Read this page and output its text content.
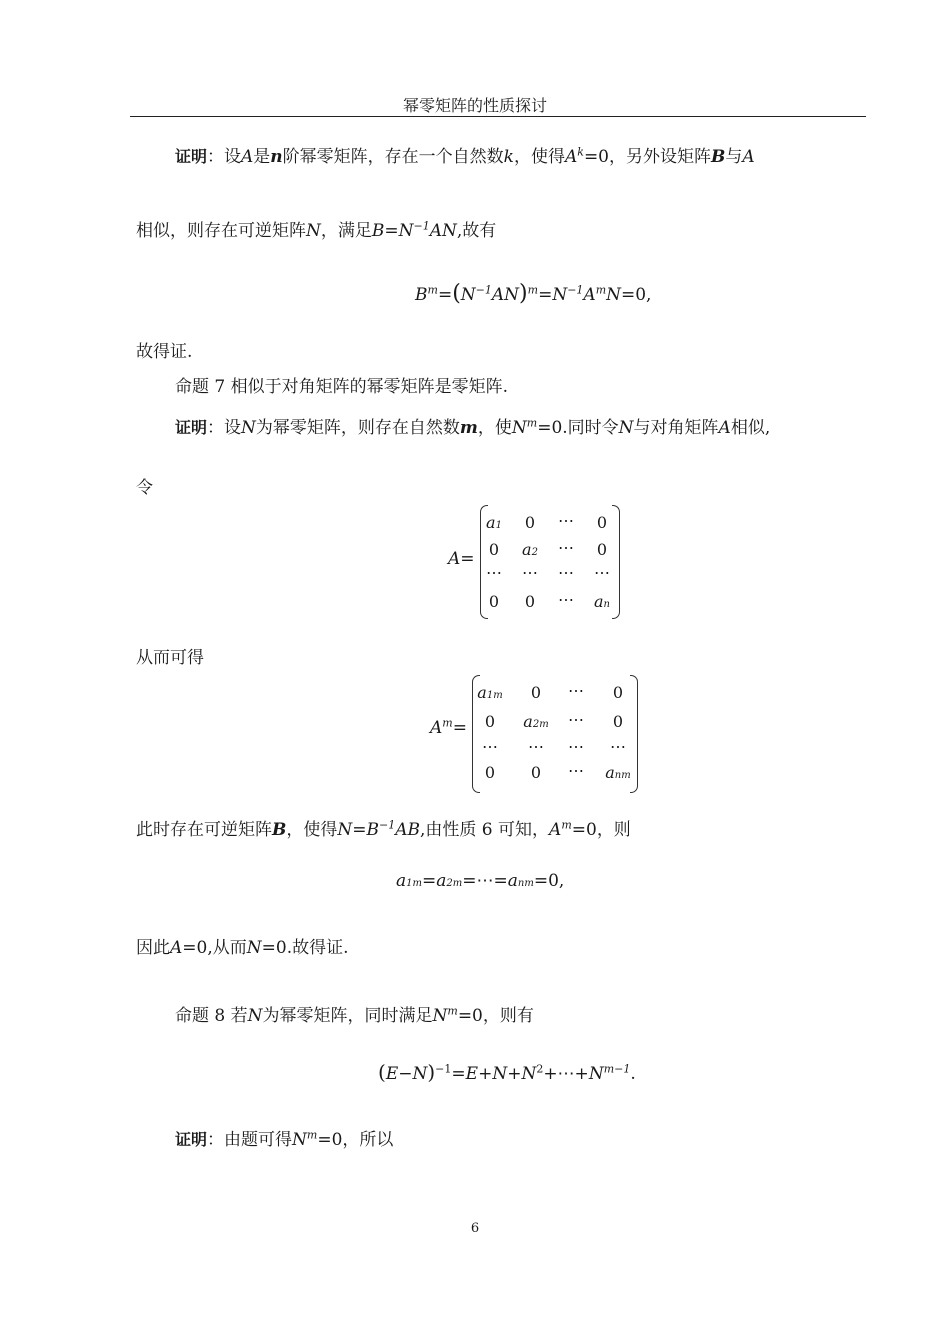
幂零矩阵的性质探讨
证明：设A是n阶幂零矩阵，存在一个自然数k，使得$A^k=0$，另外设矩阵B与A
相似，则存在可逆矩阵N，满足$B=N^{-1}AN$,故有
$B^m=(N^{-1}AN)^m=N^{-1}A^mN=0$,
故得证.
命题 7 相似于对角矩阵的幂零矩阵是零矩阵.
证明：设N为幂零矩阵，则存在自然数m，使$N^m=0$.同时令N与对角矩阵A相似,
令
A=
a1	0	⋯	0
0	a2	⋯	0
⋯	⋯	⋯	⋯
0	0	⋯	an
从而可得
$A^m=$
a1m	0	⋯	0
0	a2m	⋯	0
⋯	⋯	⋯	⋯
0	0	⋯	anm
此时存在可逆矩阵B，使得$N=B^{-1}AB$,由性质 6 可知，$A^m=0$，则
a1m=a2m=⋯=anm=0,
因此A=0,从而N=0.故得证.
命题 8 若N为幂零矩阵，同时满足$N^m=0$，则有
$(E-N)^{-1}=E+N+N^2+\cdots+N^{m-1}$.
证明：由题可得$N^m=0$，所以
6
